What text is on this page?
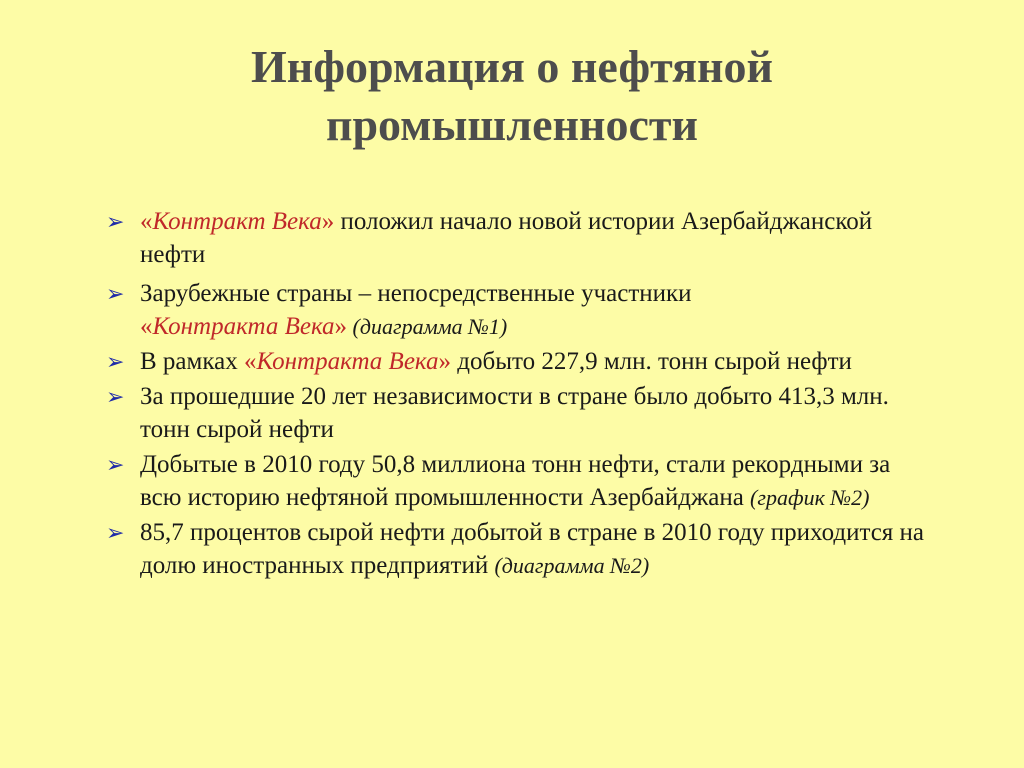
Информация о нефтяной
промышленности
➢ «Контракт Века» положил начало новой истории Азербайджанской нефти
➢ Зарубежные страны – непосредственные участники
«Контракта Века» (диаграмма №1)
➢ В рамках «Контракта Века» добыто 227,9 млн. тонн сырой нефти
➢ За прошедшие 20 лет независимости в стране было добыто 413,3 млн. тонн сырой нефти
➢ Добытые в 2010 году 50,8 миллиона тонн нефти, стали рекордными за всю историю нефтяной промышленности Азербайджана (график №2)
➢ 85,7 процентов сырой нефти добытой в стране в 2010 году приходится на долю иностранных предприятий (диаграмма №2)
